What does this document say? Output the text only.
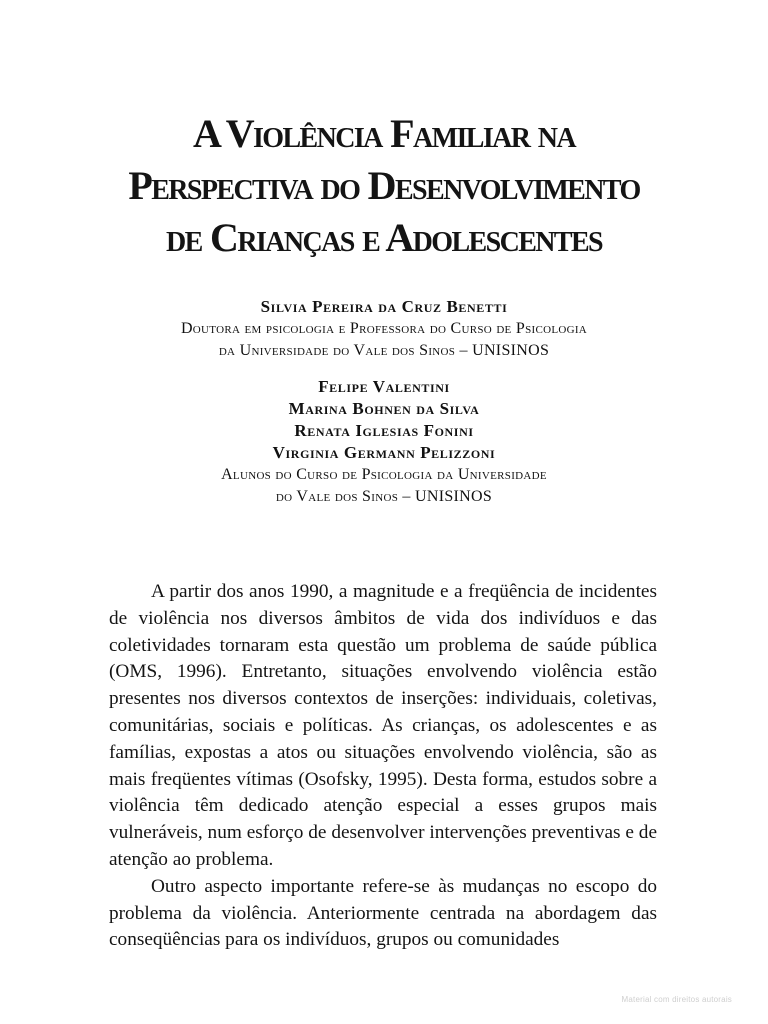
A Violência Familiar na
Perspectiva do Desenvolvimento
de Crianças e Adolescentes
Silvia Pereira da Cruz Benetti
Doutora em psicologia e Professora do Curso de Psicologia
da Universidade do Vale dos Sinos – UNISINOS
Felipe Valentini
Marina Bohnen da Silva
Renata Iglesias Fonini
Virginia Germann Pelizzoni
Alunos do Curso de Psicologia da Universidade
do Vale dos Sinos – UNISINOS

A partir dos anos 1990, a magnitude e a freqüência de incidentes de violência nos diversos âmbitos de vida dos indivíduos e das coletividades tornaram esta questão um problema de saúde pública (OMS, 1996). Entretanto, situações envolvendo violência estão presentes nos diversos contextos de inserções: individuais, coletivas, comunitárias, sociais e políticas. As crianças, os adolescentes e as famílias, expostas a atos ou situações envolvendo violência, são as mais freqüentes vítimas (Osofsky, 1995). Desta forma, estudos sobre a violência têm dedicado atenção especial a esses grupos mais vulneráveis, num esforço de desenvolver intervenções preventivas e de atenção ao problema.

Outro aspecto importante refere-se às mudanças no escopo do problema da violência. Anteriormente centrada na abordagem das conseqüências para os indivíduos, grupos ou comunidades

Material com direitos autorais
